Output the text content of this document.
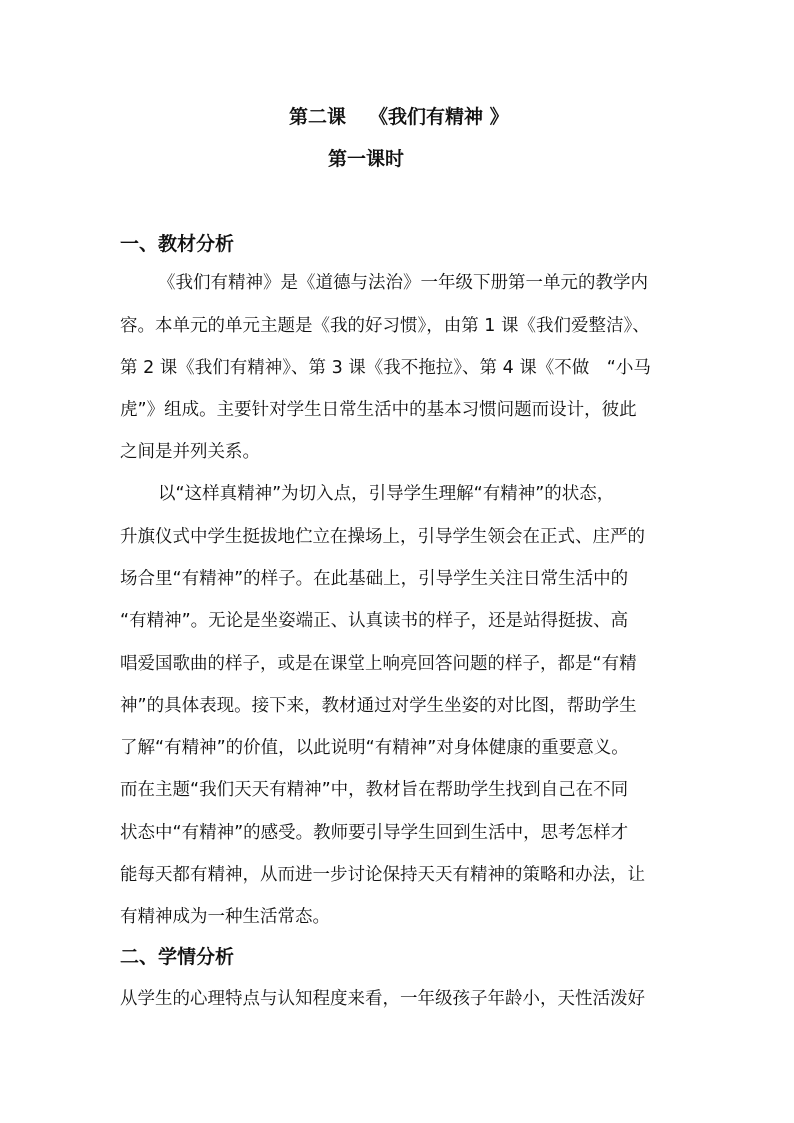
第二课 《我们有精神 》
第一课时
一、教材分析
《我们有精神》是《道德与法治》一年级下册第一单元的教学内
容。本单元的单元主题是《我的好习惯》，由第 1 课《我们爱整洁》、
第 2 课《我们有精神》、第 3 课《我不拖拉》、第 4 课《不做　“小马
虎”》组成。主要针对学生日常生活中的基本习惯问题而设计，彼此
之间是并列关系。
以“这样真精神”为切入点，引导学生理解“有精神”的状态，
升旗仪式中学生挺拔地伫立在操场上，引导学生领会在正式、庄严的
场合里“有精神”的样子。在此基础上，引导学生关注日常生活中的
“有精神”。无论是坐姿端正、认真读书的样子，还是站得挺拔、高
唱爱国歌曲的样子，或是在课堂上响亮回答问题的样子，都是“有精
神”的具体表现。接下来，教材通过对学生坐姿的对比图，帮助学生
了解“有精神”的价值，以此说明“有精神”对身体健康的重要意义。
而在主题“我们天天有精神”中，教材旨在帮助学生找到自己在不同
状态中“有精神”的感受。教师要引导学生回到生活中，思考怎样才
能每天都有精神，从而进一步讨论保持天天有精神的策略和办法，让
有精神成为一种生活常态。
二、学情分析
从学生的心理特点与认知程度来看，一年级孩子年龄小，天性活泼好
